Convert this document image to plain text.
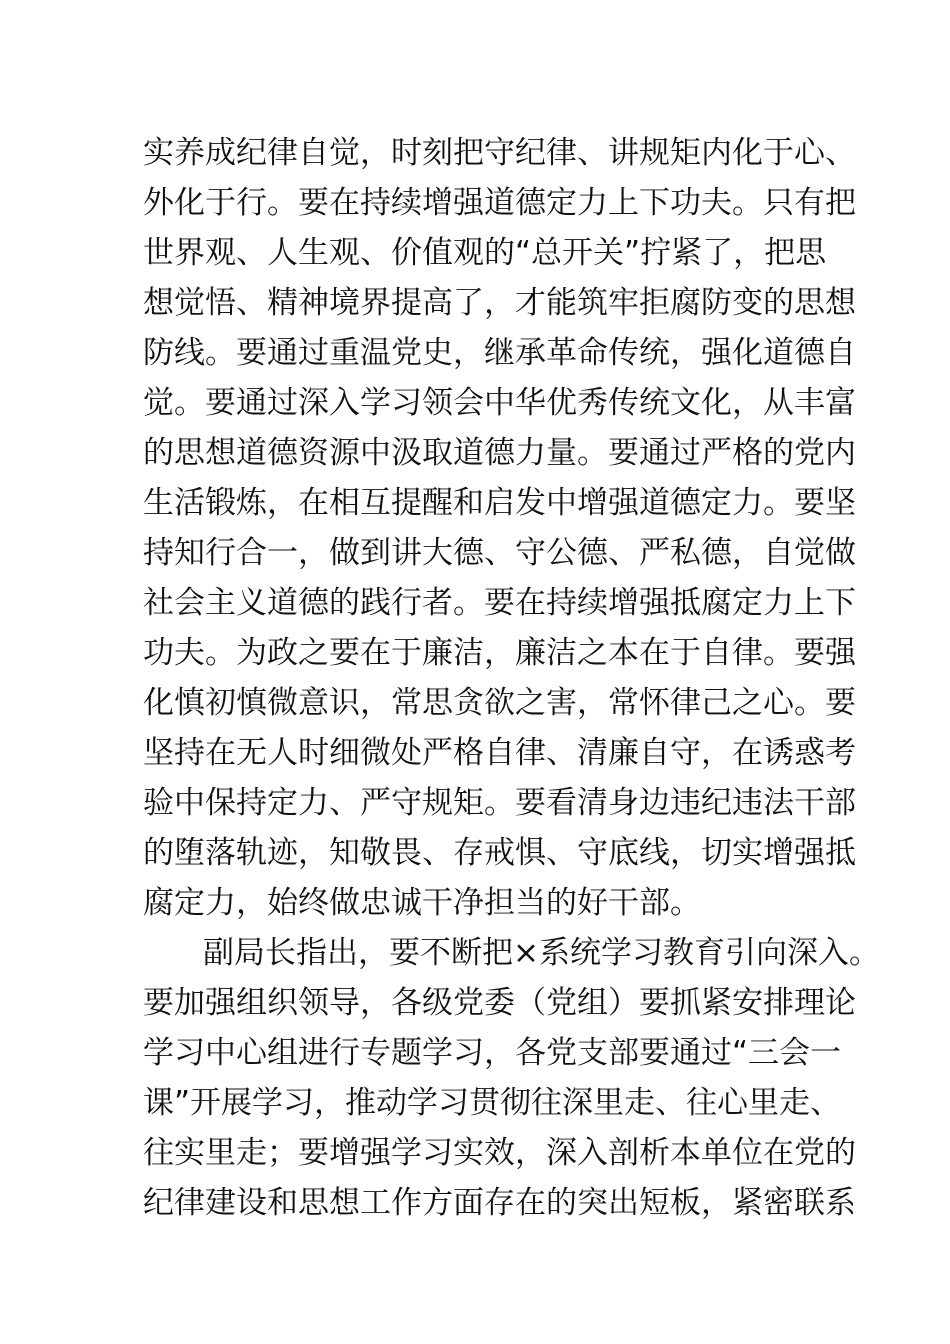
实养成纪律自觉，时刻把守纪律、讲规矩内化于心、
外化于行。要在持续增强道德定力上下功夫。只有把
世界观、人生观、价值观的“总开关”拧紧了，把思
想觉悟、精神境界提高了，才能筑牢拒腐防变的思想
防线。要通过重温党史，继承革命传统，强化道德自
觉。要通过深入学习领会中华优秀传统文化，从丰富
的思想道德资源中汲取道德力量。要通过严格的党内
生活锻炼，在相互提醒和启发中增强道德定力。要坚
持知行合一，做到讲大德、守公德、严私德，自觉做
社会主义道德的践行者。要在持续增强抵腐定力上下
功夫。为政之要在于廉洁，廉洁之本在于自律。要强
化慎初慎微意识，常思贪欲之害，常怀律己之心。要
坚持在无人时细微处严格自律、清廉自守，在诱惑考
验中保持定力、严守规矩。要看清身边违纪违法干部
的堕落轨迹，知敬畏、存戒惧、守底线，切实增强抵
腐定力，始终做忠诚干净担当的好干部。
副局长指出，要不断把×系统学习教育引向深入。
要加强组织领导，各级党委（党组）要抓紧安排理论
学习中心组进行专题学习，各党支部要通过“三会一
课”开展学习，推动学习贯彻往深里走、往心里走、
往实里走；要增强学习实效，深入剖析本单位在党的
纪律建设和思想工作方面存在的突出短板，紧密联系
